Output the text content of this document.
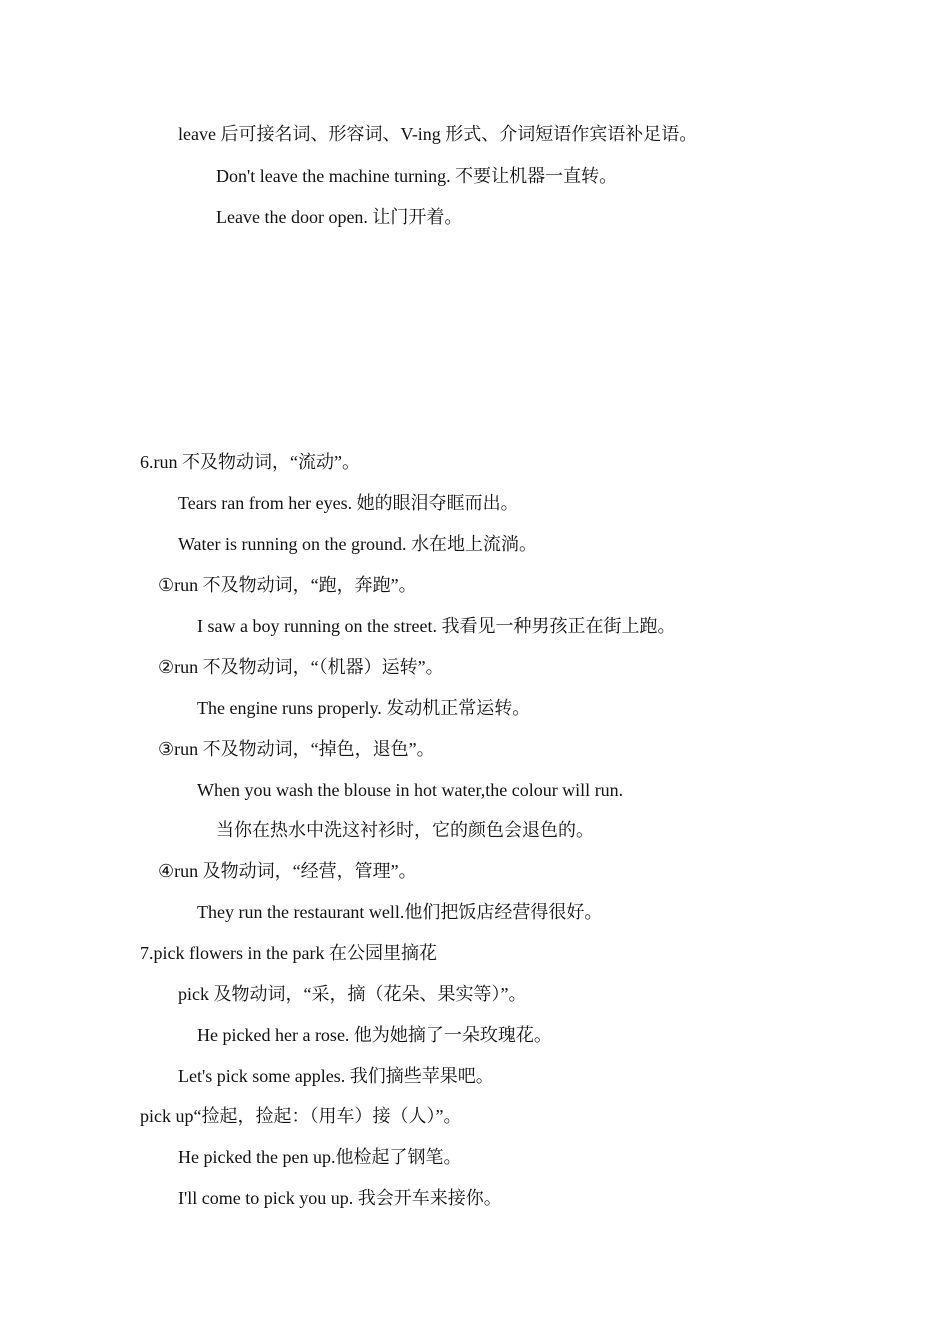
leave 后可接名词、形容词、V-ing 形式、介词短语作宾语补足语。

Don't leave the machine turning. 不要让机器一直转。

Leave the door open. 让门开着。

6.run 不及物动词，“流动”。

Tears ran from her eyes. 她的眼泪夺眶而出。

Water is running on the ground. 水在地上流淌。

①run 不及物动词，“跑，奔跑”。

I saw a boy running on the street. 我看见一种男孩正在街上跑。

②run 不及物动词，“（机器）运转”。

The engine runs properly. 发动机正常运转。

③run 不及物动词，“掉色，退色”。

When you wash the blouse in hot water,the colour will run.

当你在热水中洗这衬衫时，它的颜色会退色的。

④run 及物动词，“经营，管理”。

They run the restaurant well.他们把饭店经营得很好。

7.pick flowers in the park 在公园里摘花

pick 及物动词，“采，摘（花朵、果实等）”。

He picked her a rose. 他为她摘了一朵玫瑰花。

Let's pick some apples. 我们摘些苹果吧。

pick up“捡起，捡起：（用车）接（人）”。

He picked the pen up.他检起了钢笔。

I'll come to pick you up. 我会开车来接你。
